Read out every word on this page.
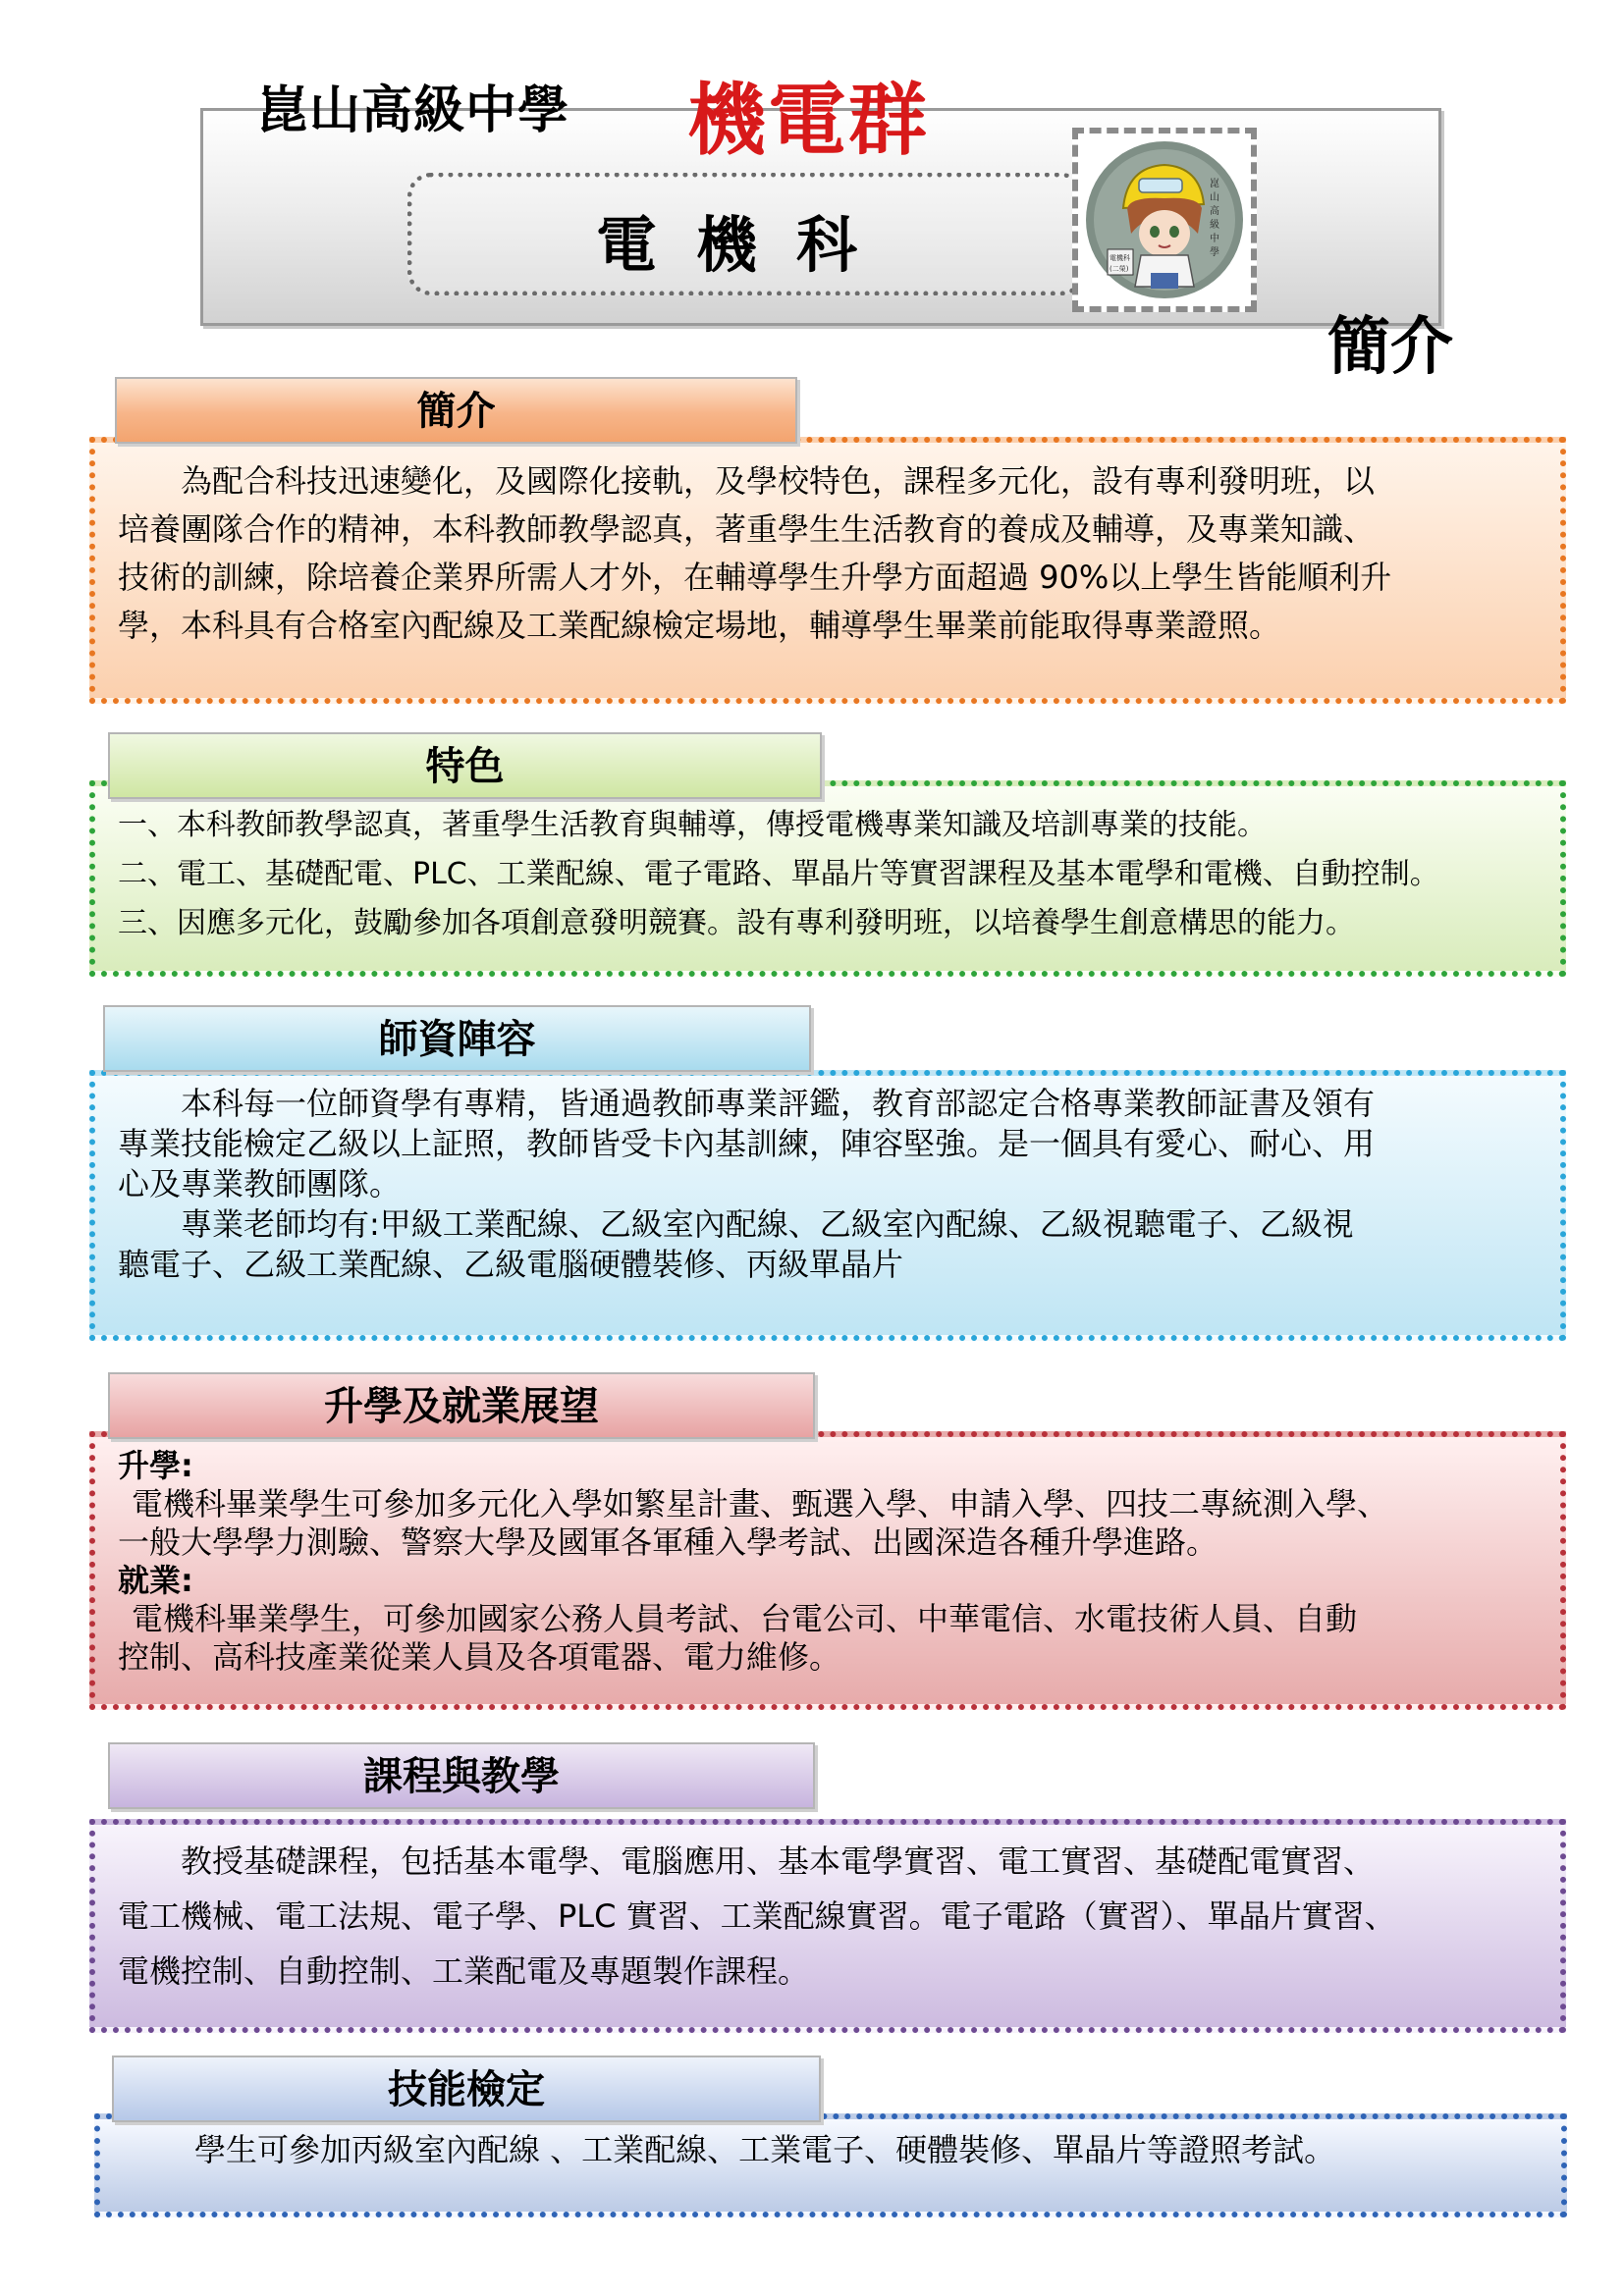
崑山高級中學 機電群
電機科
崑
山
高
級
中
學
電機科
(二榮)
簡介
簡介

為配合科技迅速變化，及國際化接軌，及學校特色，課程多元化，設有專利發明班，以

培養團隊合作的精神，本科教師教學認真，著重學生生活教育的養成及輔導，及專業知識、

技術的訓練，除培養企業界所需人才外，在輔導學生升學方面超過 90%以上學生皆能順利升

學，本科具有合格室內配線及工業配線檢定場地，輔導學生畢業前能取得專業證照。

特色

一、本科教師教學認真，著重學生活教育與輔導，傳授電機專業知識及培訓專業的技能。

二、電工、基礎配電、PLC、工業配線、電子電路、單晶片等實習課程及基本電學和電機、自動控制。

三、因應多元化，鼓勵參加各項創意發明競賽。設有專利發明班，以培養學生創意構思的能力。

師資陣容

本科每一位師資學有專精，皆通過教師專業評鑑，教育部認定合格專業教師証書及領有

專業技能檢定乙級以上証照，教師皆受卡內基訓練，陣容堅強。是一個具有愛心、耐心、用

心及專業教師團隊。

專業老師均有:甲級工業配線、乙級室內配線、乙級室內配線、乙級視聽電子、乙級視

聽電子、乙級工業配線、乙級電腦硬體裝修、丙級單晶片

升學及就業展望

升學:

電機科畢業學生可參加多元化入學如繁星計畫、甄選入學、申請入學、四技二專統測入學、

一般大學學力測驗、警察大學及國軍各軍種入學考試、出國深造各種升學進路。

就業:

電機科畢業學生，可參加國家公務人員考試、台電公司、中華電信、水電技術人員、自動

控制、高科技產業從業人員及各項電器、電力維修。

課程與教學

教授基礎課程，包括基本電學、電腦應用、基本電學實習、電工實習、基礎配電實習、

電工機械、電工法規、電子學、PLC 實習、工業配線實習。電子電路（實習）、單晶片實習、

電機控制、自動控制、工業配電及專題製作課程。

技能檢定

學生可參加丙級室內配線 、工業配線、工業電子、硬體裝修、單晶片等證照考試。
